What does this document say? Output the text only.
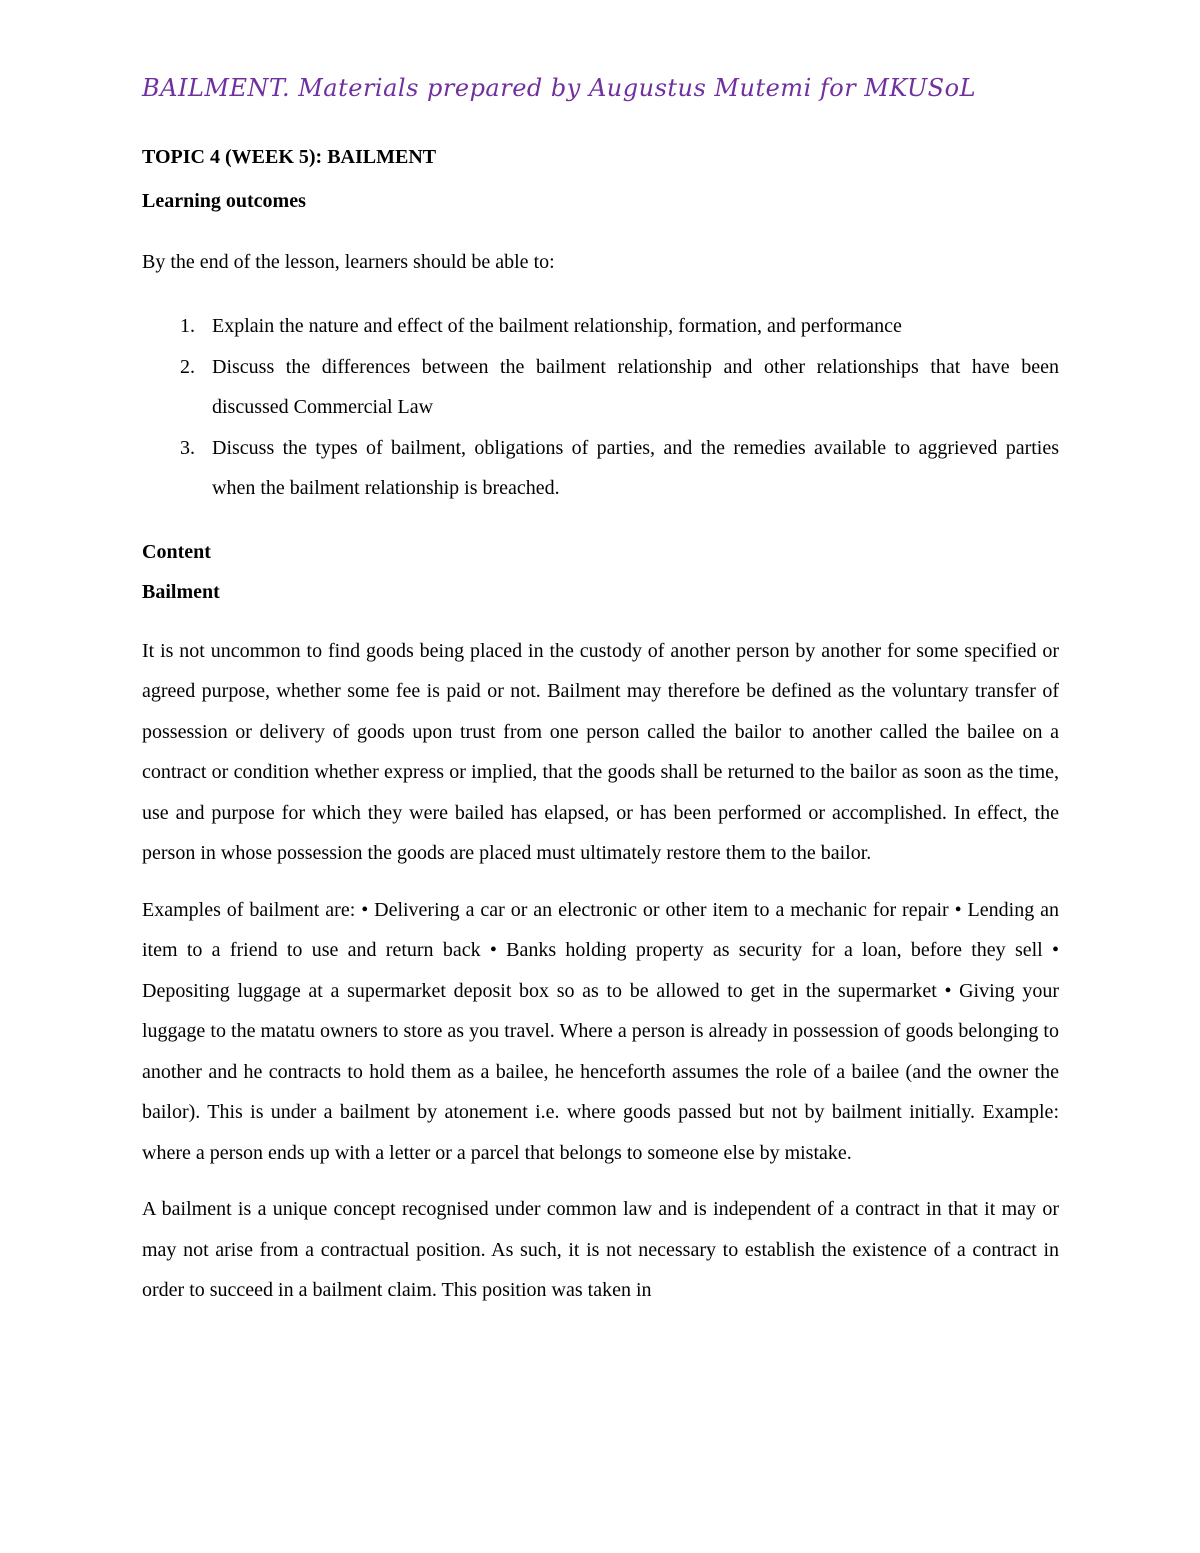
BAILMENT. Materials prepared by Augustus Mutemi for MKUSoL

TOPIC 4 (WEEK 5): BAILMENT

Learning outcomes

By the end of the lesson, learners should be able to:

1. Explain the nature and effect of the bailment relationship, formation, and performance
2. Discuss the differences between the bailment relationship and other relationships that have been discussed Commercial Law
3. Discuss the types of bailment, obligations of parties, and the remedies available to aggrieved parties when the bailment relationship is breached.

Content

Bailment

It is not uncommon to find goods being placed in the custody of another person by another for some specified or agreed purpose, whether some fee is paid or not. Bailment may therefore be defined as the voluntary transfer of possession or delivery of goods upon trust from one person called the bailor to another called the bailee on a contract or condition whether express or implied, that the goods shall be returned to the bailor as soon as the time, use and purpose for which they were bailed has elapsed, or has been performed or accomplished. In effect, the person in whose possession the goods are placed must ultimately restore them to the bailor.

Examples of bailment are: • Delivering a car or an electronic or other item to a mechanic for repair • Lending an item to a friend to use and return back • Banks holding property as security for a loan, before they sell • Depositing luggage at a supermarket deposit box so as to be allowed to get in the supermarket • Giving your luggage to the matatu owners to store as you travel. Where a person is already in possession of goods belonging to another and he contracts to hold them as a bailee, he henceforth assumes the role of a bailee (and the owner the bailor). This is under a bailment by atonement i.e. where goods passed but not by bailment initially. Example: where a person ends up with a letter or a parcel that belongs to someone else by mistake.

A bailment is a unique concept recognised under common law and is independent of a contract in that it may or may not arise from a contractual position. As such, it is not necessary to establish the existence of a contract in order to succeed in a bailment claim. This position was taken in
